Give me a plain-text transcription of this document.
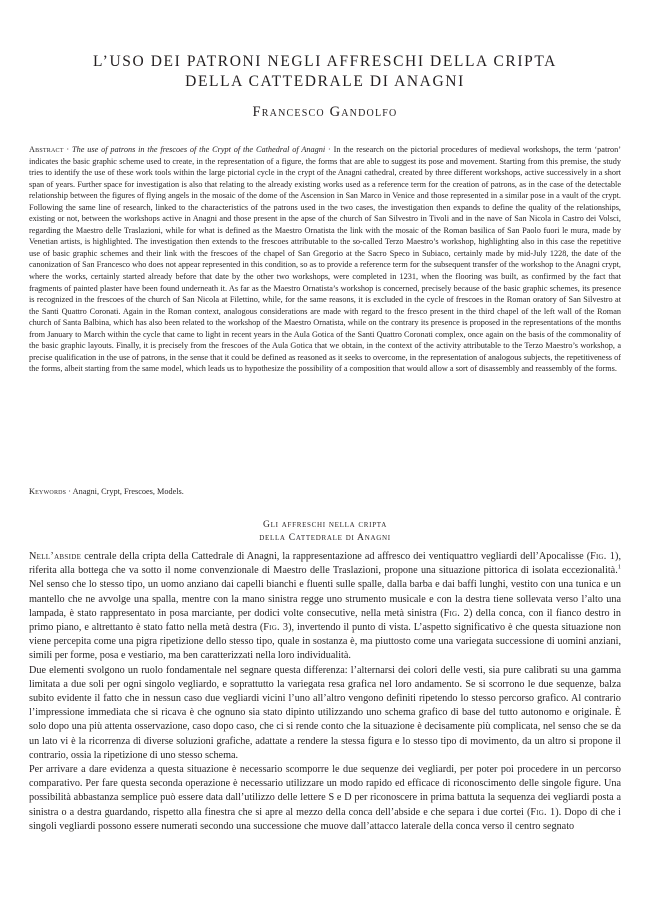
L’USO DEI PATRONI NEGLI AFFRESCHI DELLA CRIPTA
DELLA CATTEDRALE DI ANAGNI
Francesco Gandolfo

Abstract · The use of patrons in the frescoes of the Crypt of the Cathedral of Anagni · In the research on the pictorial procedures of medieval workshops, the term ‘patron’ indicates the basic graphic scheme used to create, in the representation of a figure, the forms that are able to suggest its pose and movement. Starting from this premise, the study tries to identify the use of these work tools within the large pictorial cycle in the crypt of the Anagni cathedral, created by three different workshops, active successively in a short span of years. Further space for investigation is also that relating to the already existing works used as a reference term for the creation of patrons, as in the case of the detectable relationship between the figures of flying angels in the mosaic of the dome of the Ascension in San Marco in Venice and those represented in a similar pose in a vault of the crypt. Following the same line of research, linked to the characteristics of the patrons used in the two cases, the investigation then expands to define the quality of the relationships, existing or not, between the workshops active in Anagni and those present in the apse of the church of San Silvestro in Tivoli and in the nave of San Nicola in Castro dei Volsci, regarding the Maestro delle Traslazioni, while for what is defined as the Maestro Ornatista the link with the mosaic of the Roman basilica of San Paolo fuori le mura, made by Venetian artists, is highlighted. The investigation then extends to the frescoes attributable to the so-called Terzo Maestro’s workshop, highlighting also in this case the repetitive use of basic graphic schemes and their link with the frescoes of the chapel of San Gregorio at the Sacro Speco in Subiaco, certainly made by mid-July 1228, the date of the canonization of San Francesco who does not appear represented in this condition, so as to provide a reference term for the subsequent transfer of the workshop to the Anagni crypt, where the works, certainly started already before that date by the other two workshops, were completed in 1231, when the flooring was built, as confirmed by the fact that fragments of painted plaster have been found underneath it. As far as the Maestro Ornatista’s workshop is concerned, precisely because of the basic graphic schemes, its presence is recognized in the frescoes of the church of San Nicola at Filettino, while, for the same reasons, it is excluded in the cycle of frescoes in the Roman oratory of San Silvestro at the Santi Quattro Coronati. Again in the Roman context, analogous considerations are made with regard to the fresco present in the third chapel of the left wall of the Roman church of Santa Balbina, which has also been related to the workshop of the Maestro Ornatista, while on the contrary its presence is proposed in the representations of the months from January to March within the cycle that came to light in recent years in the Aula Gotica of the Santi Quattro Coronati complex, once again on the basis of the commonality of the basic graphic layouts. Finally, it is precisely from the frescoes of the Aula Gotica that we obtain, in the context of the activity attributable to the Terzo Maestro’s workshop, a precise qualification in the use of patrons, in the sense that it could be defined as reasoned as it seeks to overcome, in the representation of analogous subjects, the repetitiveness of the forms, albeit starting from the same model, which leads us to hypothesize the possibility of a composition that would allow a sort of disassembly and reassembly of the forms.

Keywords · Anagni, Crypt, Frescoes, Models.

Gli affreschi nella cripta
della Cattedrale di Anagni

Nell’abside centrale della cripta della Cattedrale di Anagni, la rappresentazione ad affresco dei ventiquattro vegliardi dell’Apocalisse (Fig. 1), riferita alla bottega che va sotto il nome convenzionale di Maestro delle Traslazioni, propone una situazione pittorica di isolata eccezionalità.$^1$ Nel senso che lo stesso tipo, un uomo anziano dai capelli bianchi e fluenti sulle spalle, dalla barba e dai baffi lunghi, vestito con una tunica e un mantello che ne avvolge una spalla, mentre con la mano sinistra regge uno strumento musicale e con la destra tiene sollevata verso l’alto una lampada, è stato rappresentato in posa marciante, per dodici volte consecutive, nella metà sinistra (Fig. 2) della conca, con il fianco destro in primo piano, e altrettanto è stato fatto nella metà destra (Fig. 3), invertendo il punto di vista. L’aspetto significativo è che questa situazione non viene percepita come una pigra ripetizione dello stesso tipo, quale in sostanza è, ma piuttosto come una variegata successione di uomini anziani, simili per forme, posa e vestiario, ma ben caratterizzati nella loro individualità.

Due elementi svolgono un ruolo fondamentale nel segnare questa differenza: l’alternarsi dei colori delle vesti, sia pure calibrati su una gamma limitata a due soli per ogni singolo vegliardo, e soprattutto la variegata resa grafica nel loro andamento. Se si scorrono le due sequenze, balza subito evidente il fatto che in nessun caso due vegliardi vicini l’uno all’altro vengono definiti ripetendo lo stesso percorso grafico. Al contrario l’impressione immediata che si ricava è che ognuno sia stato dipinto utilizzando uno schema grafico di base del tutto autonomo e originale. È solo dopo una più attenta osservazione, caso dopo caso, che ci si rende conto che la situazione è decisamente più complicata, nel senso che se da un lato vi è la ricorrenza di diverse soluzioni grafiche, adattate a rendere la stessa figura e lo stesso tipo di movimento, da un altro si propone il contrario, ossia la ripetizione di uno stesso schema.

Per arrivare a dare evidenza a questa situazione è necessario scomporre le due sequenze dei vegliardi, per poter poi procedere in un percorso comparativo. Per fare questa seconda operazione è necessario utilizzare un modo rapido ed efficace di riconoscimento delle singole figure. Una possibilità abbastanza semplice può essere data dall’utilizzo delle lettere S e D per riconoscere in prima battuta la sequenza dei vegliardi posta a sinistra o a destra guardando, rispetto alla finestra che si apre al mezzo della conca dell’abside e che separa i due cortei (Fig. 1). Dopo di che i singoli vegliardi possono essere numerati secondo una successione che muove dall’attacco laterale della conca verso il centro segnato
